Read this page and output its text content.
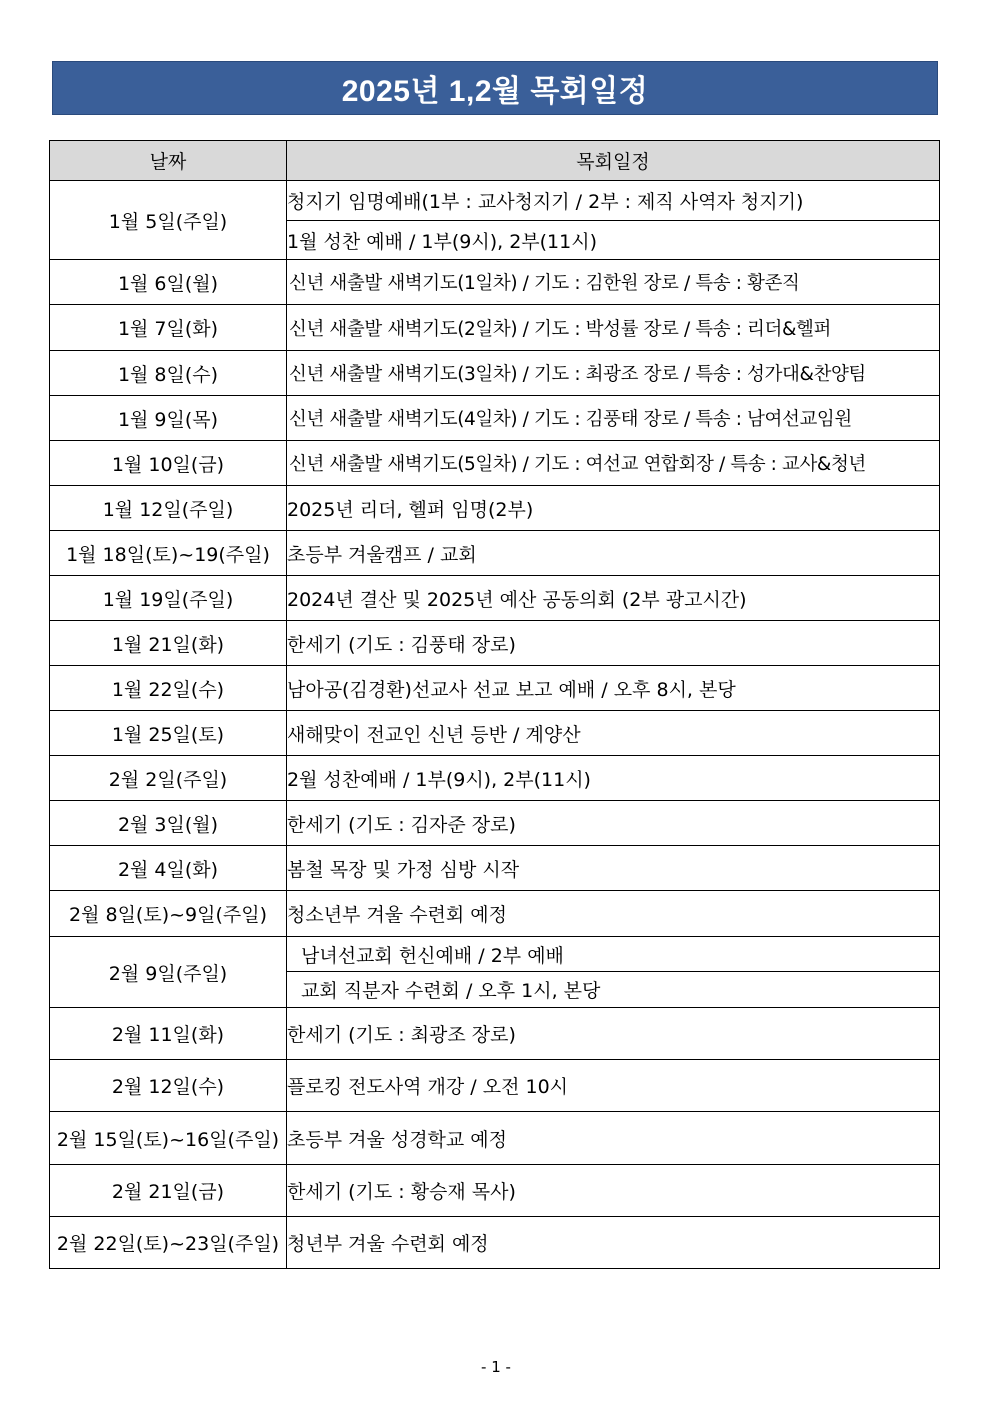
2025년 1,2월 목회일정
날짜	목회일정
1월 5일(주일)	청지기 임명예배(1부 : 교사청지기 / 2부 : 제직 사역자 청지기)
	1월 성찬 예배 / 1부(9시), 2부(11시)
1월 6일(월)	신년 새출발 새벽기도(1일차) / 기도 : 김한원 장로 / 특송 : 황존직
1월 7일(화)	신년 새출발 새벽기도(2일차) / 기도 : 박성률 장로 / 특송 : 리더&헬퍼
1월 8일(수)	신년 새출발 새벽기도(3일차) / 기도 : 최광조 장로 / 특송 : 성가대&찬양팀
1월 9일(목)	신년 새출발 새벽기도(4일차) / 기도 : 김풍태 장로 / 특송 : 남여선교임원
1월 10일(금)	신년 새출발 새벽기도(5일차) / 기도 : 여선교 연합회장 / 특송 : 교사&청년
1월 12일(주일)	2025년 리더, 헬퍼 임명(2부)
1월 18일(토)~19(주일)	초등부 겨울캠프 / 교회
1월 19일(주일)	2024년 결산 및 2025년 예산 공동의회 (2부 광고시간)
1월 21일(화)	한세기 (기도 : 김풍태 장로)
1월 22일(수)	남아공(김경환)선교사 선교 보고 예배 / 오후 8시, 본당
1월 25일(토)	새해맞이 전교인 신년 등반 / 계양산
2월 2일(주일)	2월 성찬예배 / 1부(9시), 2부(11시)
2월 3일(월)	한세기 (기도 : 김자준 장로)
2월 4일(화)	봄철 목장 및 가정 심방 시작
2월 8일(토)~9일(주일)	청소년부 겨울 수련회 예정
2월 9일(주일)	남녀선교회 헌신예배 / 2부 예배
	교회 직분자 수련회 / 오후 1시, 본당
2월 11일(화)	한세기 (기도 : 최광조 장로)
2월 12일(수)	플로킹 전도사역 개강 / 오전 10시
2월 15일(토)~16일(주일)	초등부 겨울 성경학교 예정
2월 21일(금)	한세기 (기도 : 황승재 목사)
2월 22일(토)~23일(주일)	청년부 겨울 수련회 예정
- 1 -
